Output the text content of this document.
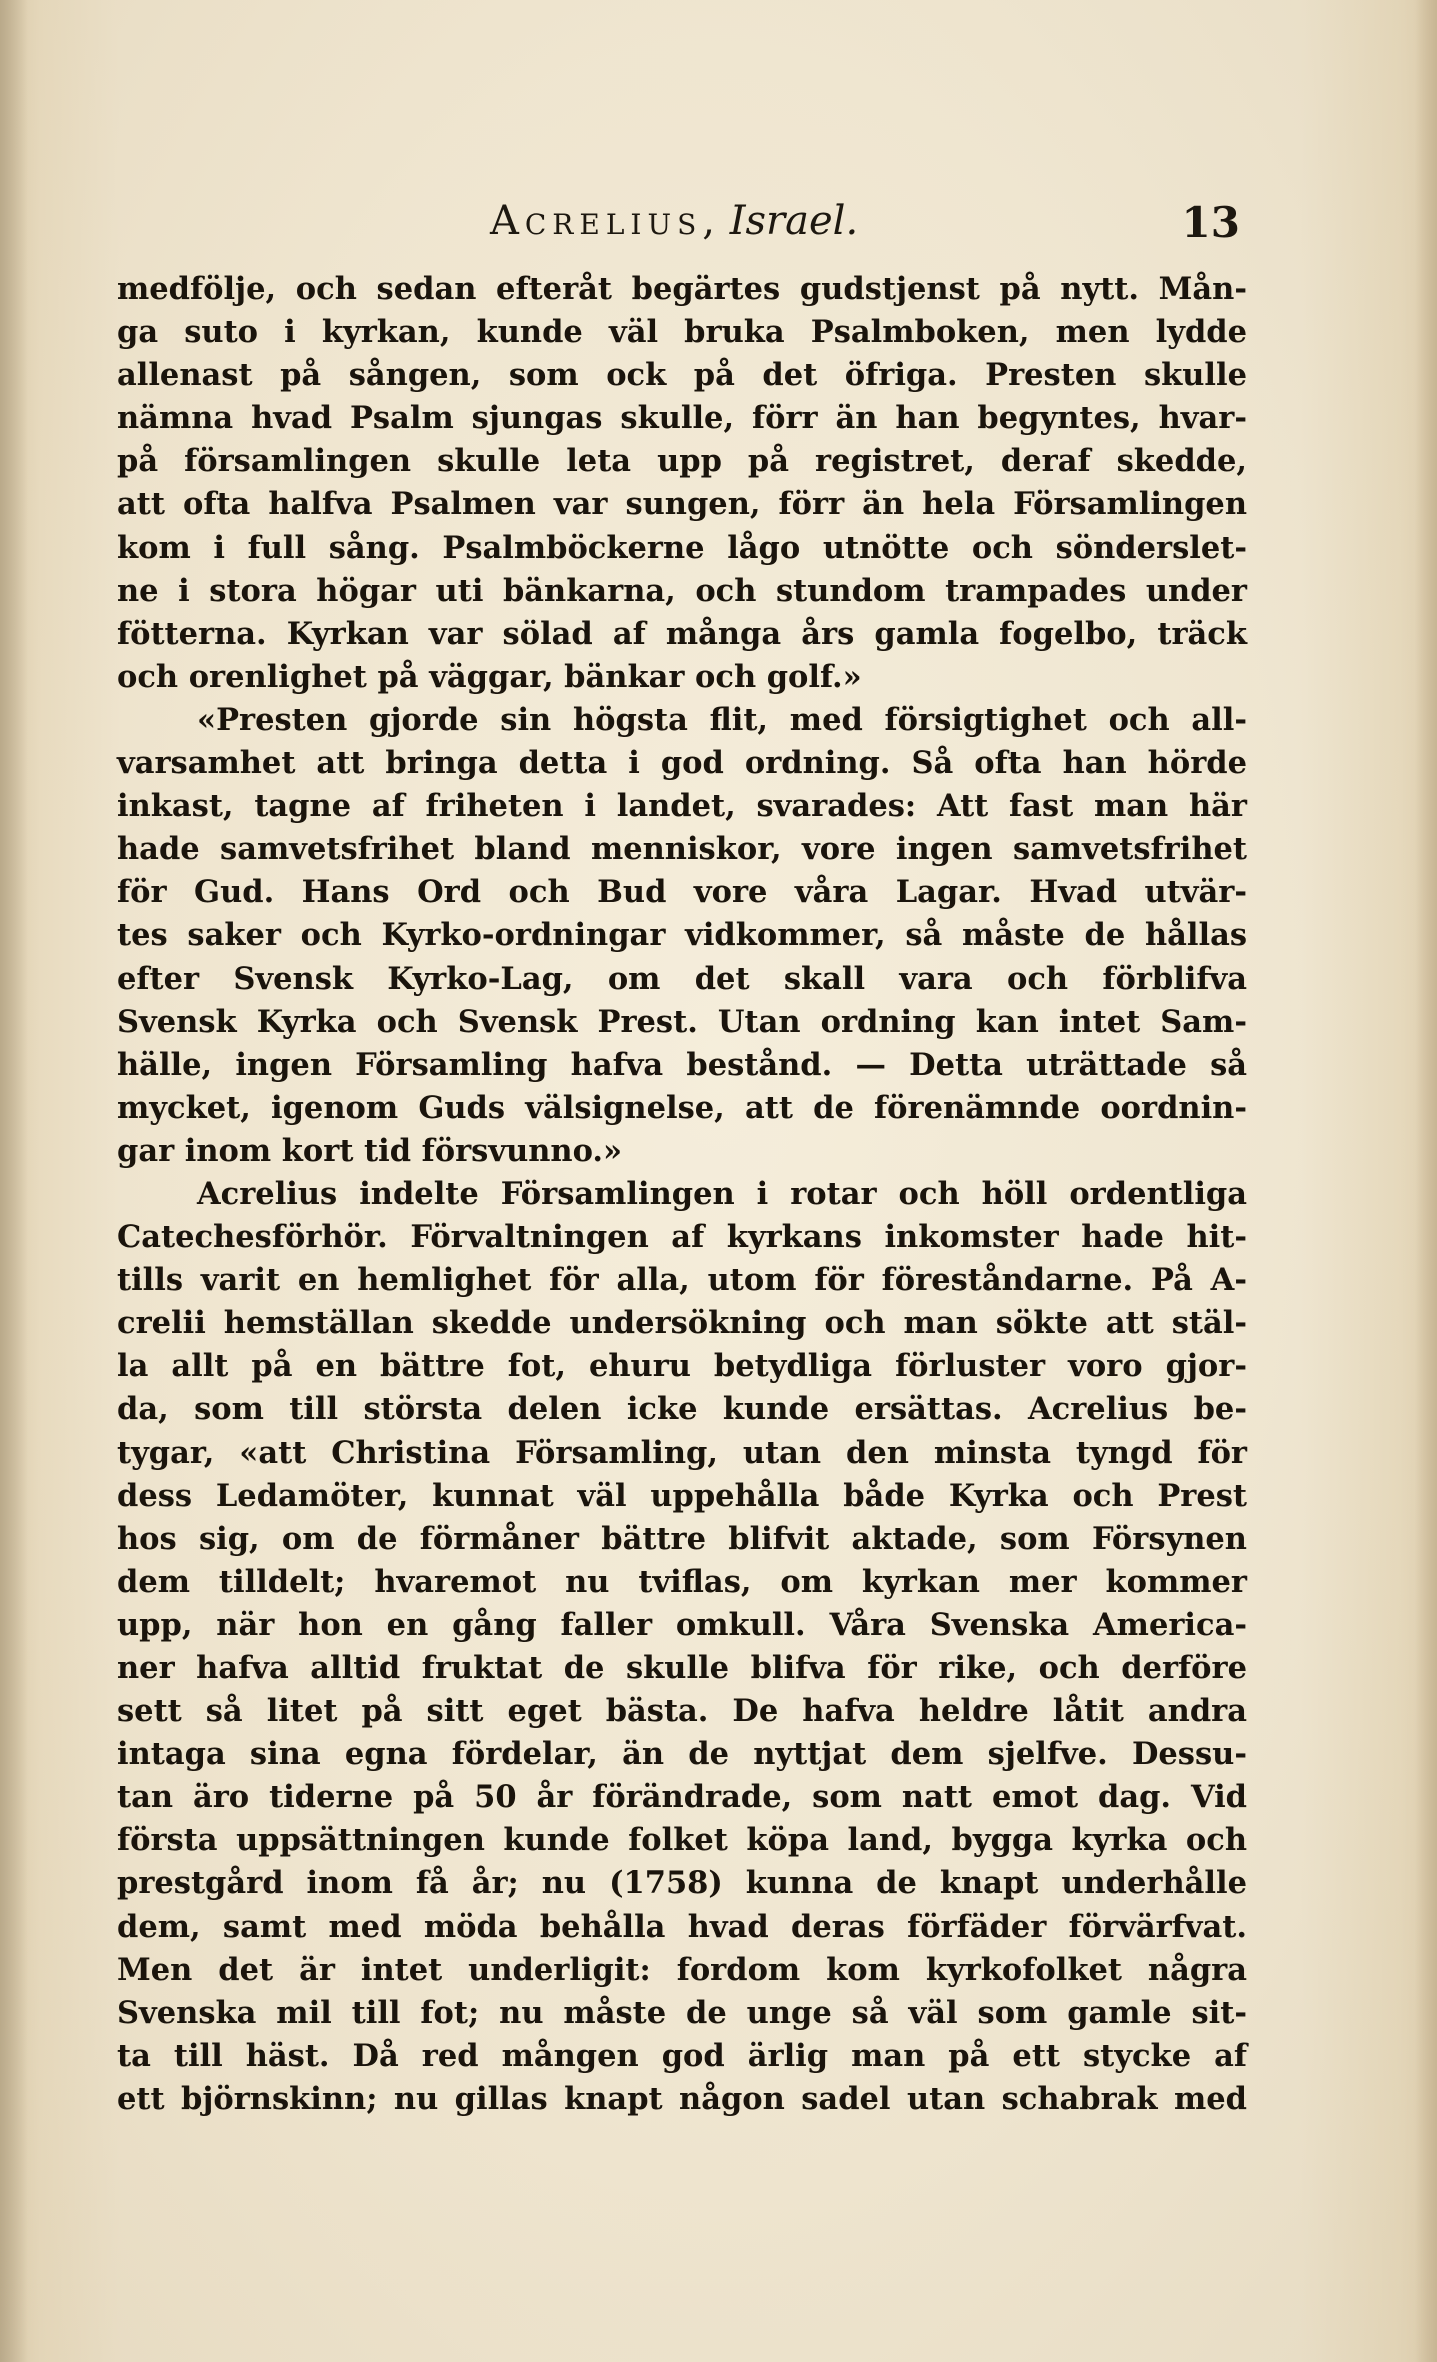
Acrelius, Israel.	13
medfölje, och sedan efteråt begärtes gudstjenst på nytt. Mån-
ga suto i kyrkan, kunde väl bruka Psalmboken, men lydde
allenast på sången, som ock på det öfriga. Presten skulle
nämna hvad Psalm sjungas skulle, förr än han begyntes, hvar-
på församlingen skulle leta upp på registret, deraf skedde,
att ofta halfva Psalmen var sungen, förr än hela Församlingen
kom i full sång. Psalmböckerne lågo utnötte och sönderslet-
ne i stora högar uti bänkarna, och stundom trampades under
fötterna. Kyrkan var sölad af många års gamla fogelbo, träck
och orenlighet på väggar, bänkar och golf.»
«Presten gjorde sin högsta flit, med försigtighet och all-
varsamhet att bringa detta i god ordning. Så ofta han hörde
inkast, tagne af friheten i landet, svarades: Att fast man här
hade samvetsfrihet bland menniskor, vore ingen samvetsfrihet
för Gud. Hans Ord och Bud vore våra Lagar. Hvad utvär-
tes saker och Kyrko-ordningar vidkommer, så måste de hållas
efter Svensk Kyrko-Lag, om det skall vara och förblifva
Svensk Kyrka och Svensk Prest. Utan ordning kan intet Sam-
hälle, ingen Församling hafva bestånd. — Detta uträttade så
mycket, igenom Guds välsignelse, att de förenämnde oordnin-
gar inom kort tid försvunno.»
Acrelius indelte Församlingen i rotar och höll ordentliga
Catechesförhör. Förvaltningen af kyrkans inkomster hade hit-
tills varit en hemlighet för alla, utom för föreståndarne. På A-
crelii hemställan skedde undersökning och man sökte att stäl-
la allt på en bättre fot, ehuru betydliga förluster voro gjor-
da, som till största delen icke kunde ersättas. Acrelius be-
tygar, «att Christina Församling, utan den minsta tyngd för
dess Ledamöter, kunnat väl uppehålla både Kyrka och Prest
hos sig, om de förmåner bättre blifvit aktade, som Försynen
dem tilldelt; hvaremot nu tviflas, om kyrkan mer kommer
upp, när hon en gång faller omkull. Våra Svenska America-
ner hafva alltid fruktat de skulle blifva för rike, och derföre
sett så litet på sitt eget bästa. De hafva heldre låtit andra
intaga sina egna fördelar, än de nyttjat dem sjelfve. Dessu-
tan äro tiderne på 50 år förändrade, som natt emot dag. Vid
första uppsättningen kunde folket köpa land, bygga kyrka och
prestgård inom få år; nu (1758) kunna de knapt underhålle
dem, samt med möda behålla hvad deras förfäder förvärfvat.
Men det är intet underligit: fordom kom kyrkofolket några
Svenska mil till fot; nu måste de unge så väl som gamle sit-
ta till häst. Då red mången god ärlig man på ett stycke af
ett björnskinn; nu gillas knapt någon sadel utan schabrak med
